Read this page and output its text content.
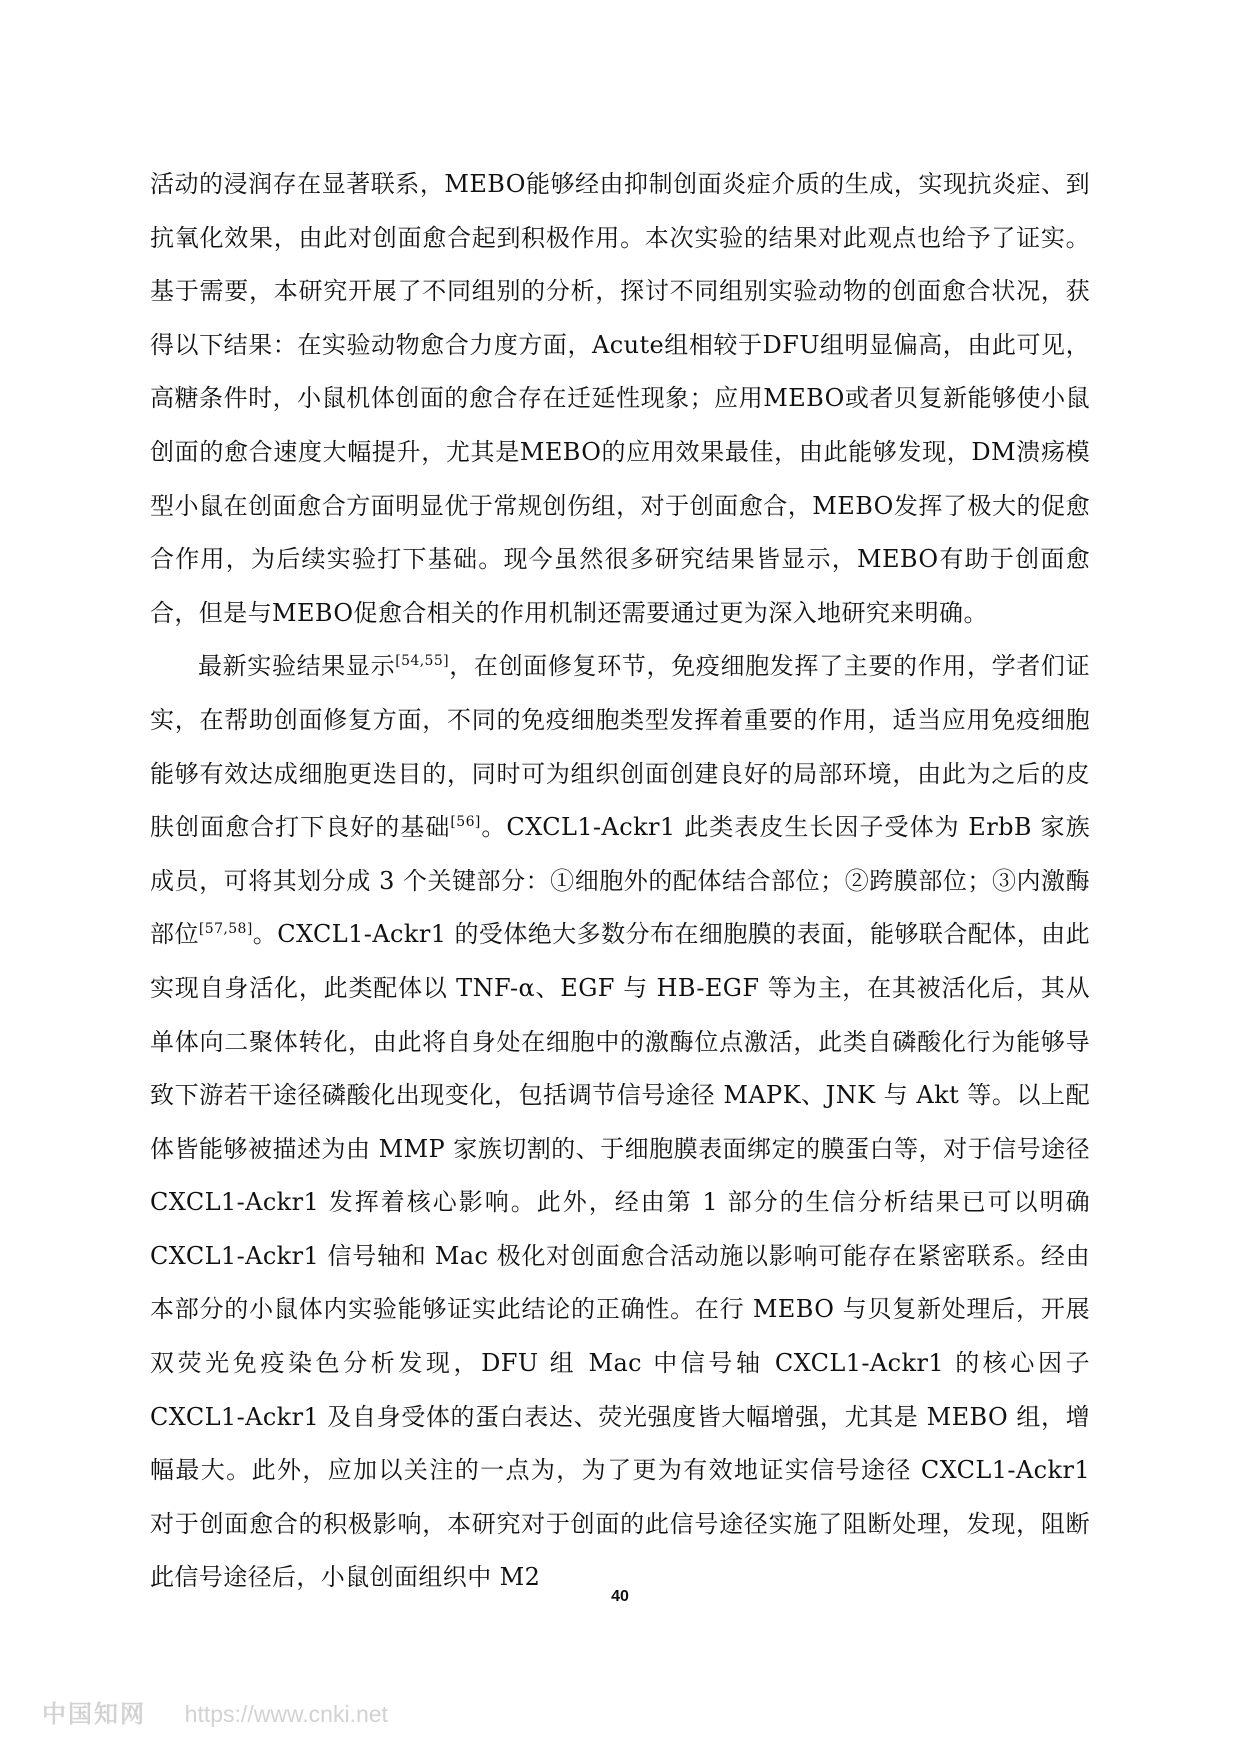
活动的浸润存在显著联系，MEBO能够经由抑制创面炎症介质的生成，实现抗炎症、到抗氧化效果，由此对创面愈合起到积极作用。本次实验的结果对此观点也给予了证实。基于需要，本研究开展了不同组别的分析，探讨不同组别实验动物的创面愈合状况，获得以下结果：在实验动物愈合力度方面，Acute组相较于DFU组明显偏高，由此可见，高糖条件时，小鼠机体创面的愈合存在迁延性现象；应用MEBO或者贝复新能够使小鼠创面的愈合速度大幅提升，尤其是MEBO的应用效果最佳，由此能够发现，DM溃疡模型小鼠在创面愈合方面明显优于常规创伤组，对于创面愈合，MEBO发挥了极大的促愈合作用，为后续实验打下基础。现今虽然很多研究结果皆显示，MEBO有助于创面愈合，但是与MEBO促愈合相关的作用机制还需要通过更为深入地研究来明确。

最新实验结果显示[54,55]，在创面修复环节，免疫细胞发挥了主要的作用，学者们证实，在帮助创面修复方面，不同的免疫细胞类型发挥着重要的作用，适当应用免疫细胞能够有效达成细胞更迭目的，同时可为组织创面创建良好的局部环境，由此为之后的皮肤创面愈合打下良好的基础[56]。CXCL1-Ackr1 此类表皮生长因子受体为 ErbB 家族成员，可将其划分成 3 个关键部分：①细胞外的配体结合部位；②跨膜部位；③内激酶部位[57,58]。CXCL1-Ackr1 的受体绝大多数分布在细胞膜的表面，能够联合配体，由此实现自身活化，此类配体以 TNF-α、EGF 与 HB-EGF 等为主，在其被活化后，其从单体向二聚体转化，由此将自身处在细胞中的激酶位点激活，此类自磷酸化行为能够导致下游若干途径磷酸化出现变化，包括调节信号途径 MAPK、JNK 与 Akt 等。以上配体皆能够被描述为由 MMP 家族切割的、于细胞膜表面绑定的膜蛋白等，对于信号途径 CXCL1-Ackr1 发挥着核心影响。此外，经由第 1 部分的生信分析结果已可以明确 CXCL1-Ackr1 信号轴和 Mac 极化对创面愈合活动施以影响可能存在紧密联系。经由本部分的小鼠体内实验能够证实此结论的正确性。在行 MEBO 与贝复新处理后，开展双荧光免疫染色分析发现，DFU 组 Mac 中信号轴 CXCL1-Ackr1 的核心因子 CXCL1-Ackr1 及自身受体的蛋白表达、荧光强度皆大幅增强，尤其是 MEBO 组，增幅最大。此外，应加以关注的一点为，为了更为有效地证实信号途径 CXCL1-Ackr1 对于创面愈合的积极影响，本研究对于创面的此信号途径实施了阻断处理，发现，阻断此信号途径后，小鼠创面组织中 M2

40
中国知网 https://www.cnki.net
